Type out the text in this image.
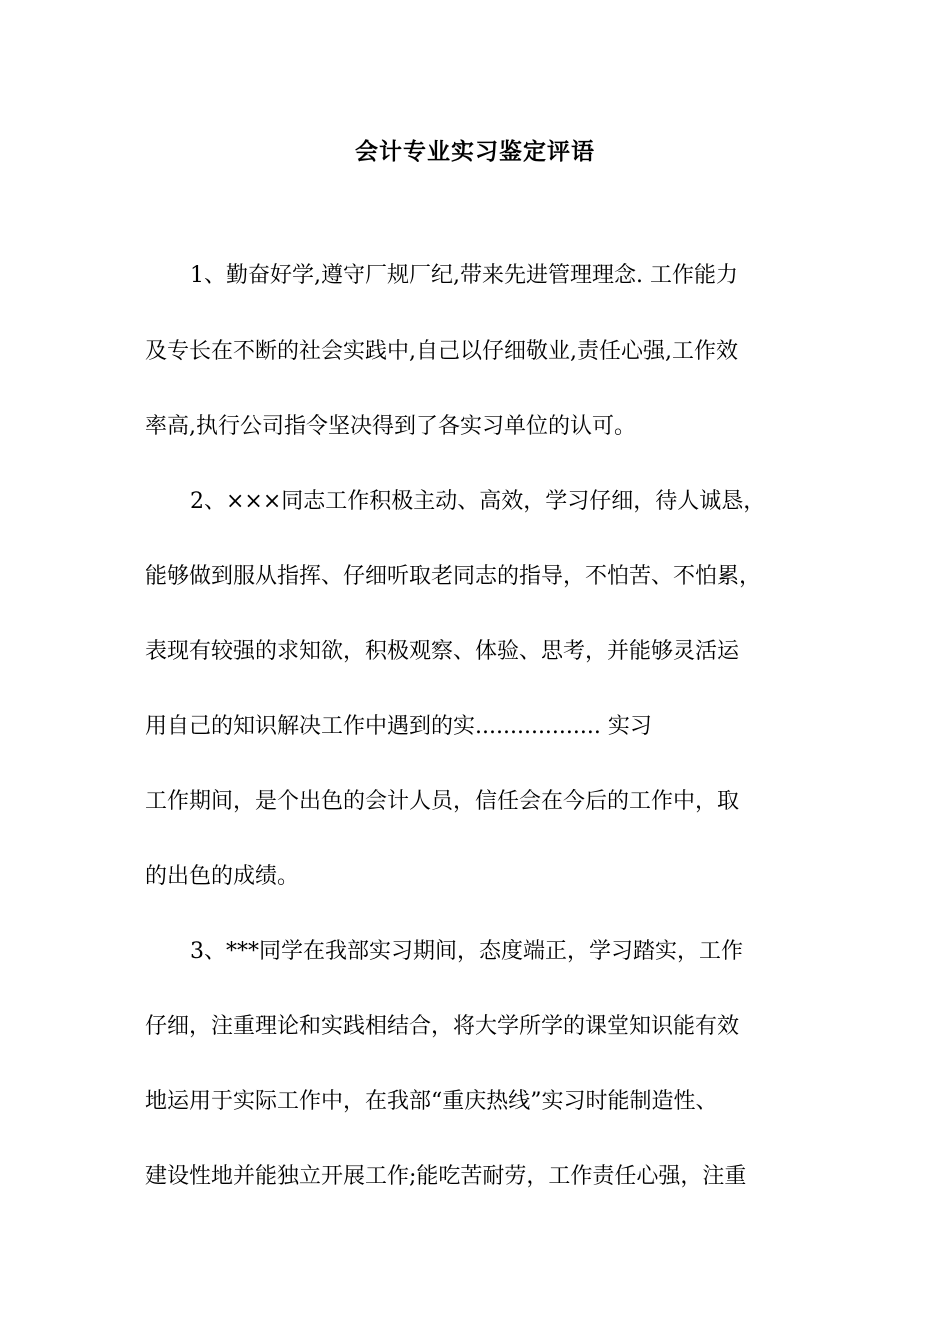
会计专业实习鉴定评语
1、勤奋好学,遵守厂规厂纪,带来先进管理理念. 工作能力
及专长在不断的社会实践中,自己以仔细敬业,责任心强,工作效
率高,执行公司指令坚决得到了各实习单位的认可。
2、×××同志工作积极主动、高效，学习仔细，待人诚恳，
能够做到服从指挥、仔细听取老同志的指导，不怕苦、不怕累，
表现有较强的求知欲，积极观察、体验、思考，并能够灵活运
用自己的知识解决工作中遇到的实.................. 实习
工作期间，是个出色的会计人员，信任会在今后的工作中，取
的出色的成绩。
3、***同学在我部实习期间，态度端正，学习踏实，工作
仔细，注重理论和实践相结合，将大学所学的课堂知识能有效
地运用于实际工作中，在我部“重庆热线”实习时能制造性、
建设性地并能独立开展工作;能吃苦耐劳，工作责任心强，注重
